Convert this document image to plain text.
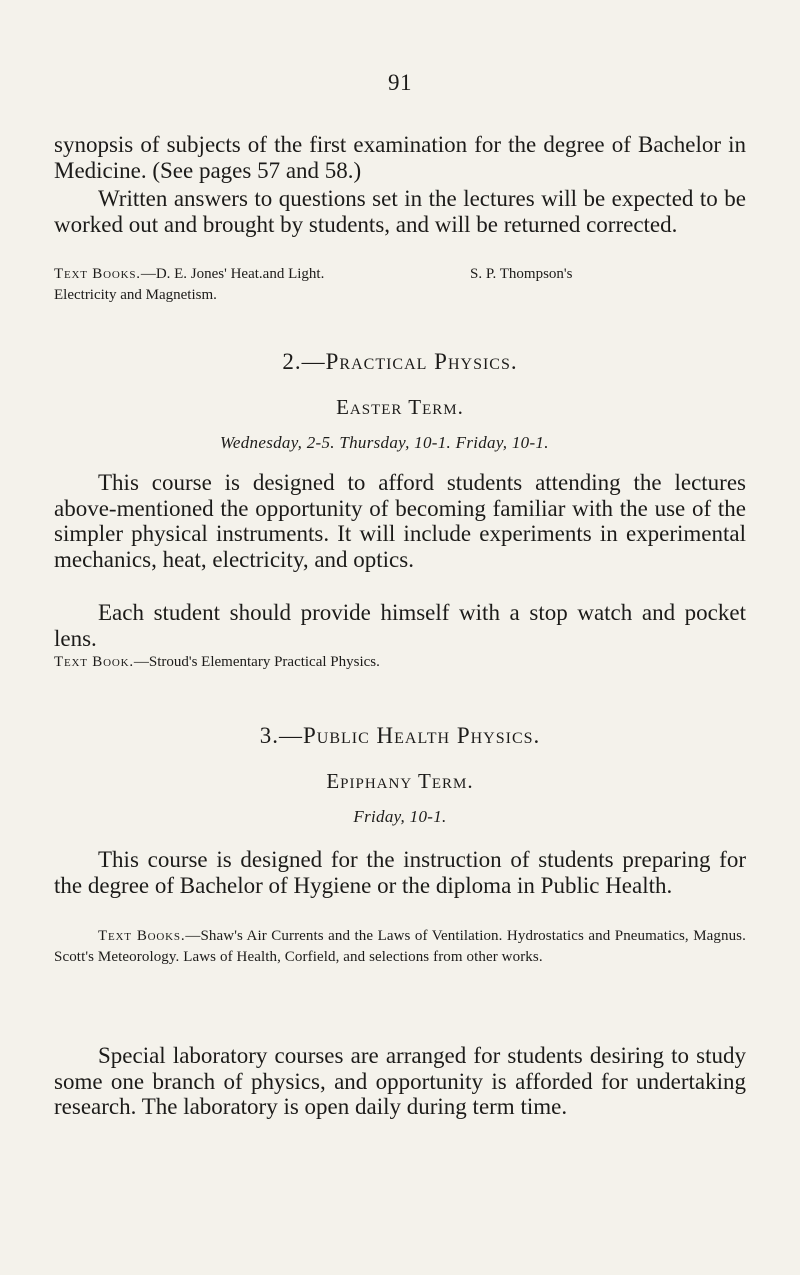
91
synopsis of subjects of the first examination for the degree of Bachelor in Medicine. (See pages 57 and 58.)
Written answers to questions set in the lectures will be expected to be worked out and brought by students, and will be returned corrected.
Text Books.—D. E. Jones' Heat.and Light.	S. P. Thompson's
Electricity and Magnetism.
2.—Practical Physics.
Easter Term.
Wednesday, 2-5. Thursday, 10-1. Friday, 10-1.
This course is designed to afford students attending the lectures above-mentioned the opportunity of becoming familiar with the use of the simpler physical instruments. It will include experiments in experimental mechanics, heat, electricity, and optics.
Each student should provide himself with a stop watch and pocket lens.
Text Book.—Stroud's Elementary Practical Physics.
3.—Public Health Physics.
Epiphany Term.
Friday, 10-1.
This course is designed for the instruction of students preparing for the degree of Bachelor of Hygiene or the diploma in Public Health.
Text Books.—Shaw's Air Currents and the Laws of Ventilation. Hydrostatics and Pneumatics, Magnus. Scott's Meteorology. Laws of Health, Corfield, and selections from other works.
Special laboratory courses are arranged for students desiring to study some one branch of physics, and opportunity is afforded for undertaking research. The laboratory is open daily during term time.
